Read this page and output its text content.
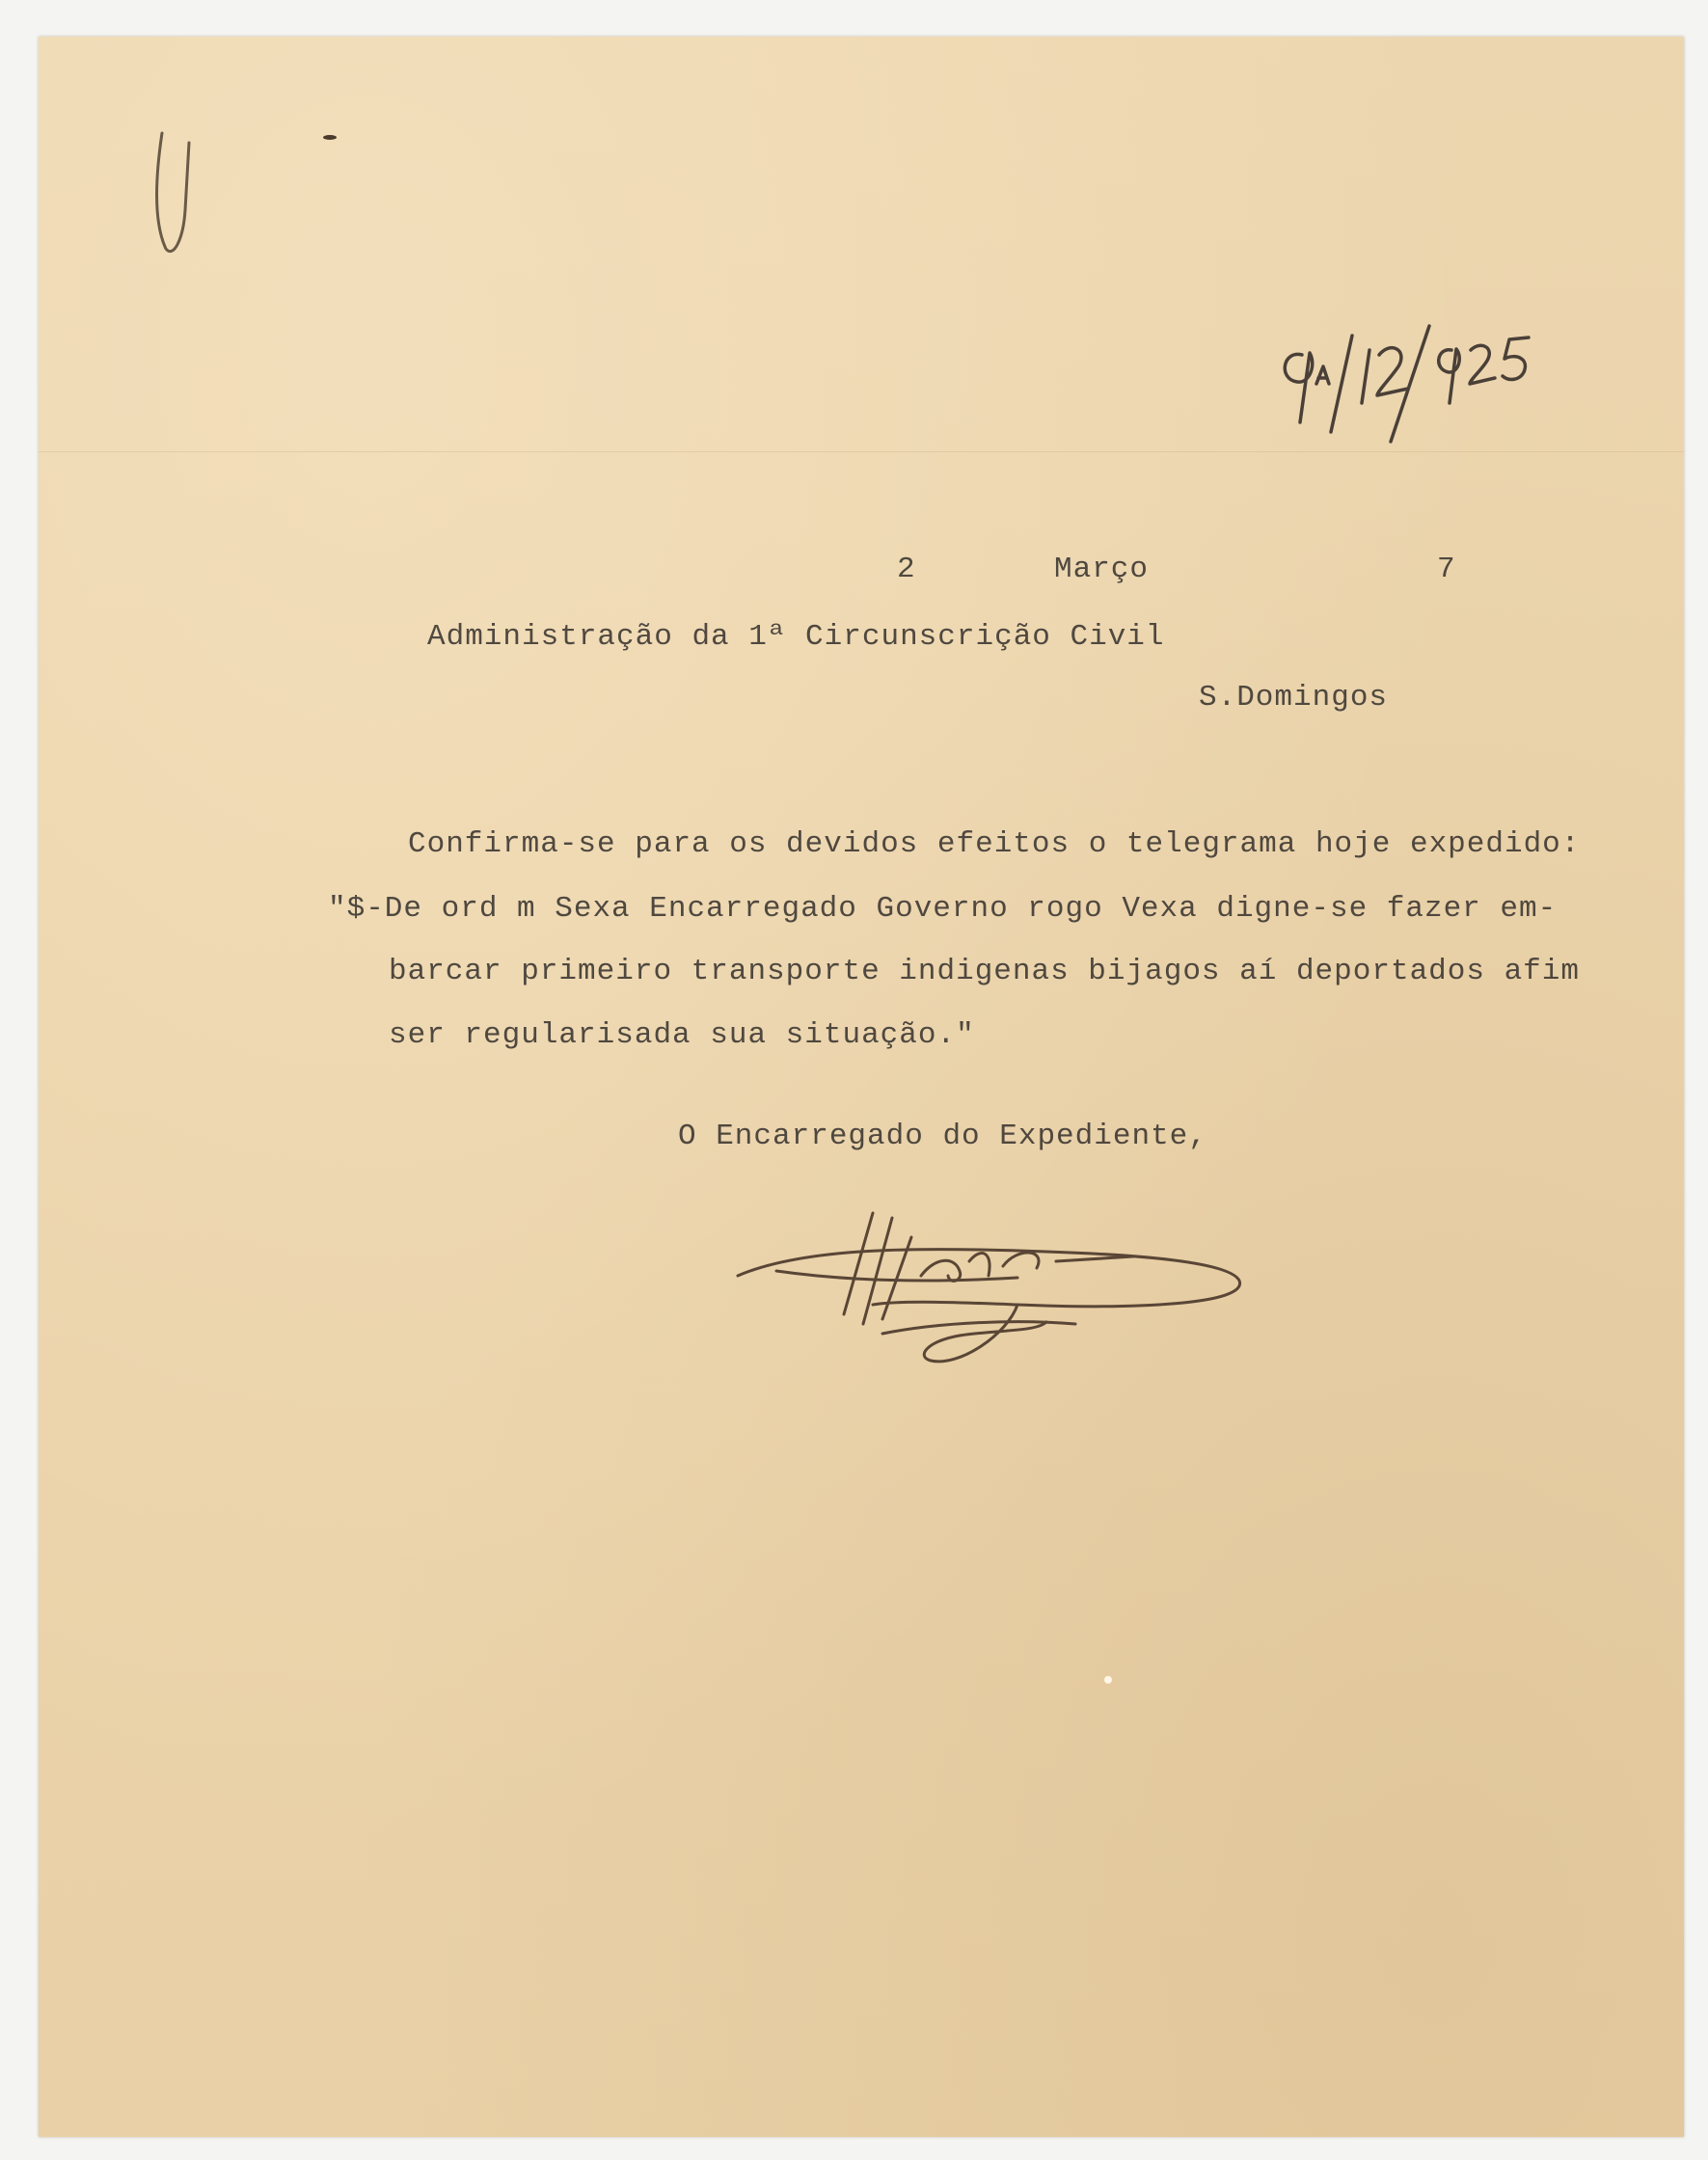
2	Março	7
Administração da 1ª Circunscrição Civil
S.Domingos
Confirma-se para os devidos efeitos o telegrama hoje expedido:
"$-De ord m Sexa Encarregado Governo rogo Vexa digne-se fazer em-
barcar primeiro transporte indigenas bijagos aí deportados afim
ser regularisada sua situação."
O Encarregado do Expediente,
